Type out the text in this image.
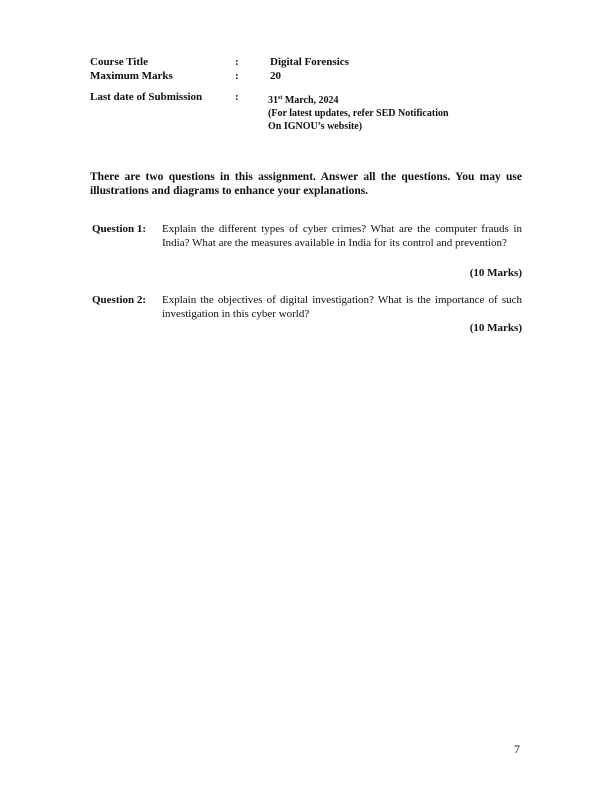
Course Title	:	Digital Forensics
Maximum Marks	:	20
Last date of Submission	:	31st March, 2024
(For latest updates, refer SED Notification
On IGNOU’s website)
There are two questions in this assignment. Answer all the questions. You may use illustrations and diagrams to enhance your explanations.
Question 1: Explain the different types of cyber crimes? What are the computer frauds in India? What are the measures available in India for its control and prevention?
(10 Marks)
Question 2: Explain the objectives of digital investigation? What is the importance of such investigation in this cyber world?
(10 Marks)
7
